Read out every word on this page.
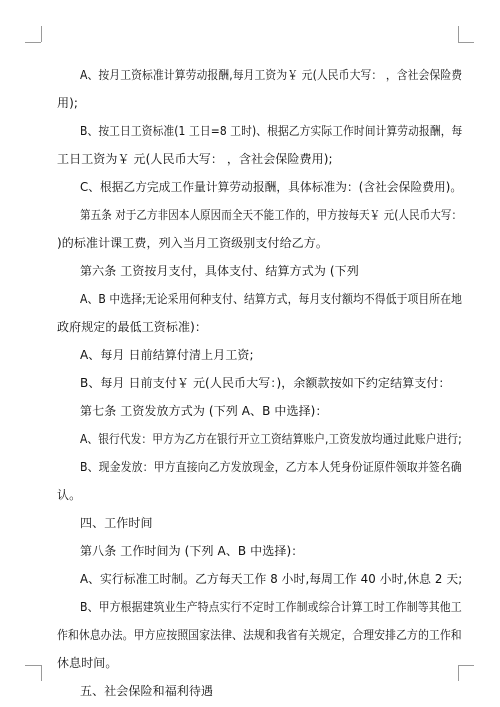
A、按月工资标准计算劳动报酬,每月工资为￥ 元(人民币大写： ，含社会保险费
用);
B、按工日工资标准(1 工日=8 工时)、根据乙方实际工作时间计算劳动报酬，每
工日工资为￥ 元(人民币大写： ，含社会保险费用);
C、根据乙方完成工作量计算劳动报酬，具体标准为：(含社会保险费用)。
第五条 对于乙方非因本人原因而全天不能工作的，甲方按每天￥ 元(人民币大写：
)的标准计课工费，列入当月工资级别支付给乙方。
第六条 工资按月支付，具体支付、结算方式为 (下列
A、B 中选择;无论采用何种支付、结算方式，每月支付额均不得低于项目所在地
政府规定的最低工资标准)：
A、每月 日前结算付清上月工资;
B、每月 日前支付￥ 元(人民币大写：)，余额款按如下约定结算支付：
第七条 工资发放方式为 (下列 A、B 中选择)：
A、银行代发：甲方为乙方在银行开立工资结算账户,工资发放均通过此账户进行;
B、现金发放：甲方直接向乙方发放现金，乙方本人凭身份证原件领取并签名确
认。
四、工作时间
第八条 工作时间为 (下列 A、B 中选择)：
A、实行标准工时制。乙方每天工作 8 小时,每周工作 40 小时,休息 2 天;
B、甲方根据建筑业生产特点实行不定时工作制或综合计算工时工作制等其他工
作和休息办法。甲方应按照国家法律、法规和我省有关规定，合理安排乙方的工作和
休息时间。
五、社会保险和福利待遇
